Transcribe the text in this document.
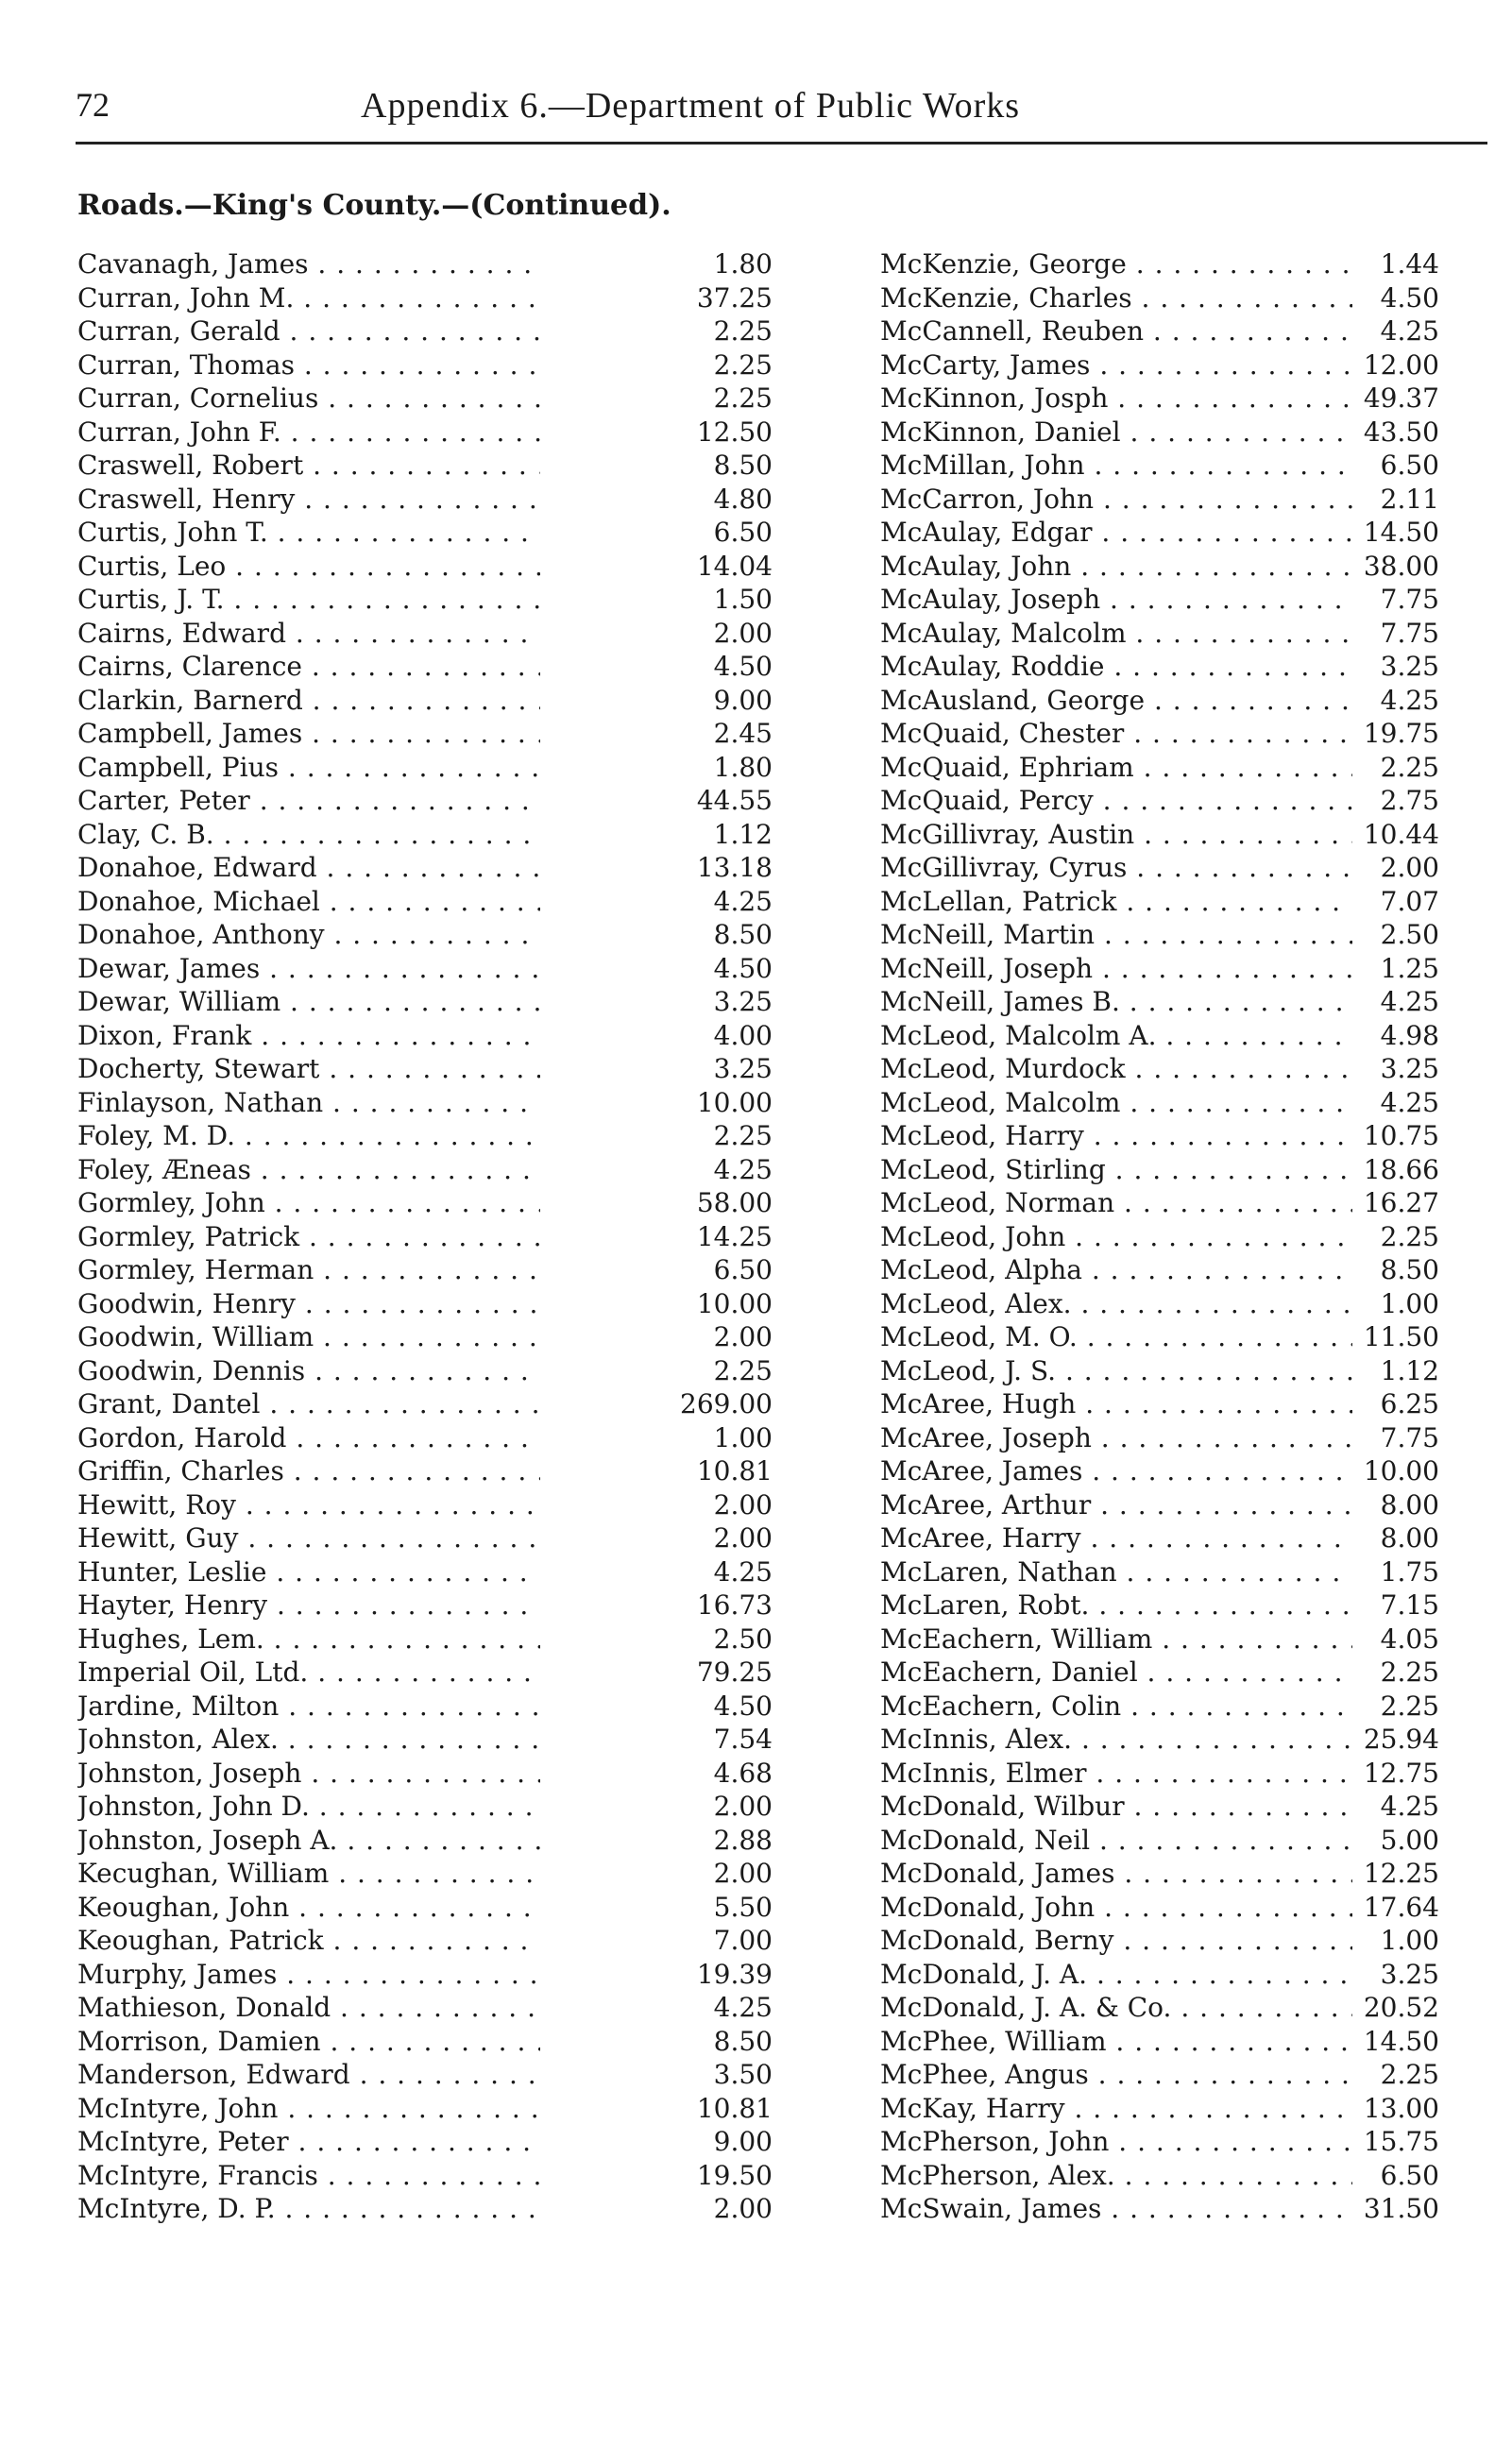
72	Appendix 6.—Department of Public Works
Roads.—King's County.—(Continued).
Cavanagh, James . . .	1.80
Curran, John M. . . .	37.25
Curran, Gerald . . .	2.25
Curran, Thomas . . .	2.25
Curran, Cornelius . . .	2.25
Curran, John F. . . .	12.50
Craswell, Robert . . .	8.50
Craswell, Henry . . .	4.80
Curtis, John T. . . .	6.50
Curtis, Leo . . .	14.04
Curtis, J. T. . . .	1.50
Cairns, Edward . . .	2.00
Cairns, Clarence . . .	4.50
Clarkin, Barnerd . . .	9.00
Campbell, James . . .	2.45
Campbell, Pius . . .	1.80
Carter, Peter . . .	44.55
Clay, C. B. . . .	1.12
Donahoe, Edward . . .	13.18
Donahoe, Michael . . .	4.25
Donahoe, Anthony . . .	8.50
Dewar, James . . .	4.50
Dewar, William . . .	3.25
Dixon, Frank . . .	4.00
Docherty, Stewart . . .	3.25
Finlayson, Nathan . . .	10.00
Foley, M. D. . . .	2.25
Foley, Æneas . . .	4.25
Gormley, John . . .	58.00
Gormley, Patrick . . .	14.25
Gormley, Herman . . .	6.50
Goodwin, Henry . . .	10.00
Goodwin, William . . .	2.00
Goodwin, Dennis . . .	2.25
Grant, Dantel . . .	269.00
Gordon, Harold . . .	1.00
Griffin, Charles . . .	10.81
Hewitt, Roy . . .	2.00
Hewitt, Guy . . .	2.00
Hunter, Leslie . . .	4.25
Hayter, Henry . . .	16.73
Hughes, Lem. . . .	2.50
Imperial Oil, Ltd. . . .	79.25
Jardine, Milton . . .	4.50
Johnston, Alex. . . .	7.54
Johnston, Joseph . . .	4.68
Johnston, John D. . . .	2.00
Johnston, Joseph A. . . .	2.88
Kecughan, William . . .	2.00
Keoughan, John . . .	5.50
Keoughan, Patrick . . .	7.00
Murphy, James . . .	19.39
Mathieson, Donald . . .	4.25
Morrison, Damien . . .	8.50
Manderson, Edward . . .	3.50
McIntyre, John . . .	10.81
McIntyre, Peter . . .	9.00
McIntyre, Francis . . .	19.50
McIntyre, D. P. . . .	2.00
McKenzie, George . . .	1.44
McKenzie, Charles . . .	4.50
McCannell, Reuben . . .	4.25
McCarty, James . . .	12.00
McKinnon, Josph . . .	49.37
McKinnon, Daniel . . .	43.50
McMillan, John . . .	6.50
McCarron, John . . .	2.11
McAulay, Edgar . . .	14.50
McAulay, John . . .	38.00
McAulay, Joseph . . .	7.75
McAulay, Malcolm . . .	7.75
McAulay, Roddie . . .	3.25
McAusland, George . . .	4.25
McQuaid, Chester . . .	19.75
McQuaid, Ephriam . . .	2.25
McQuaid, Percy . . .	2.75
McGillivray, Austin . . .	10.44
McGillivray, Cyrus . . .	2.00
McLellan, Patrick . . .	7.07
McNeill, Martin . . .	2.50
McNeill, Joseph . . .	1.25
McNeill, James B. . . .	4.25
McLeod, Malcolm A. . . .	4.98
McLeod, Murdock . . .	3.25
McLeod, Malcolm . . .	4.25
McLeod, Harry . . .	10.75
McLeod, Stirling . . .	18.66
McLeod, Norman . . .	16.27
McLeod, John . . .	2.25
McLeod, Alpha . . .	8.50
McLeod, Alex. . . .	1.00
McLeod, M. O. . . .	11.50
McLeod, J. S. . . .	1.12
McAree, Hugh . . .	6.25
McAree, Joseph . . .	7.75
McAree, James . . .	10.00
McAree, Arthur . . .	8.00
McAree, Harry . . .	8.00
McLaren, Nathan . . .	1.75
McLaren, Robt. . . .	7.15
McEachern, William . . .	4.05
McEachern, Daniel . . .	2.25
McEachern, Colin . . .	2.25
McInnis, Alex. . . .	25.94
McInnis, Elmer . . .	12.75
McDonald, Wilbur . . .	4.25
McDonald, Neil . . .	5.00
McDonald, James . . .	12.25
McDonald, John . . .	17.64
McDonald, Berny . . .	1.00
McDonald, J. A. . . .	3.25
McDonald, J. A. & Co. . . .	20.52
McPhee, William . . .	14.50
McPhee, Angus . . .	2.25
McKay, Harry . . .	13.00
McPherson, John . . .	15.75
McPherson, Alex. . . .	6.50
McSwain, James . . .	31.50
